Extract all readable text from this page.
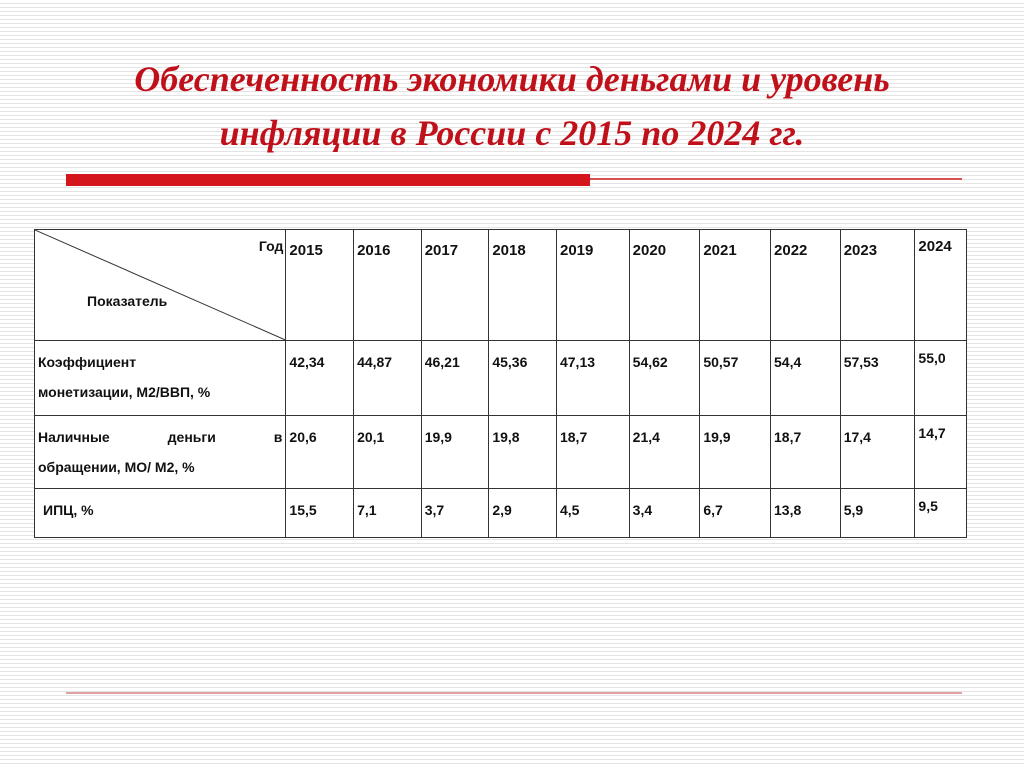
Обеспеченность экономики деньгами и уровень
инфляции в России с 2015 по 2024 гг.
Год
Показатель	2015	2016	2017	2018	2019	2020	2021	2022	2023	2024
Коэффициент
монетизации, М2/ВВП, %	42,34	44,87	46,21	45,36	47,13	54,62	50,57	54,4	57,53	55,0

Наличные деньги в
обращении, МО/ М2, %	20,6	20,1	19,9	19,8	18,7	21,4	19,9	18,7	17,4	14,7
ИПЦ, %	15,5	7,1	3,7	2,9	4,5	3,4	6,7	13,8	5,9	9,5
